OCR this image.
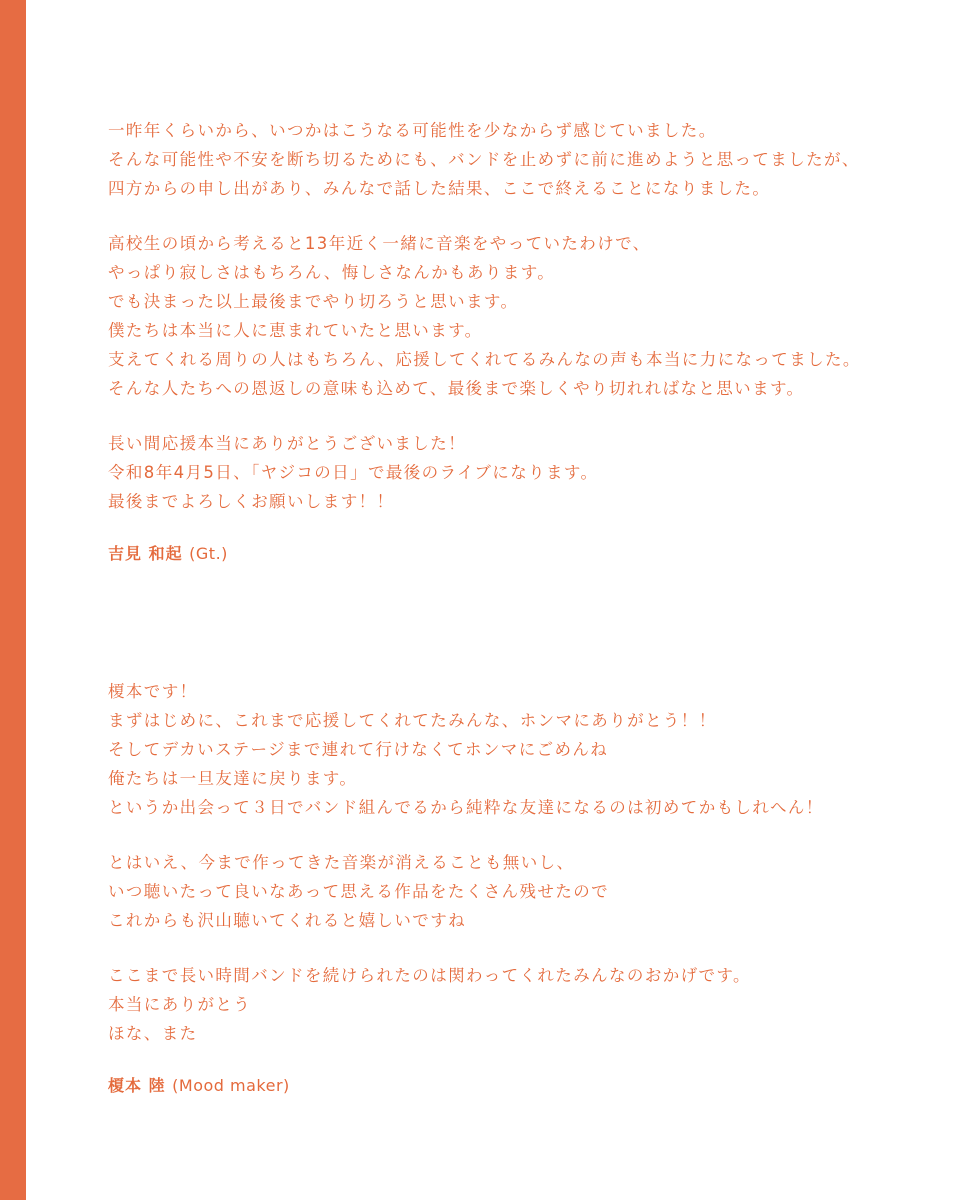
一昨年くらいから、いつかはこうなる可能性を少なからず感じていました。
そんな可能性や不安を断ち切るためにも、バンドを止めずに前に進めようと思ってましたが、
四方からの申し出があり、みんなで話した結果、ここで終えることになりました。
高校生の頃から考えると13年近く一緒に音楽をやっていたわけで、
やっぱり寂しさはもちろん、悔しさなんかもあります。
でも決まった以上最後までやり切ろうと思います。
僕たちは本当に人に恵まれていたと思います。
支えてくれる周りの人はもちろん、応援してくれてるみんなの声も本当に力になってました。
そんな人たちへの恩返しの意味も込めて、最後まで楽しくやり切れればなと思います。
長い間応援本当にありがとうございました！
令和8年4月5日、「ヤジコの日」で最後のライブになります。
最後までよろしくお願いします！！
吉見 和起 (Gt.)
榎本です！
まずはじめに、これまで応援してくれてたみんな、ホンマにありがとう！！
そしてデカいステージまで連れて行けなくてホンマにごめんね
俺たちは一旦友達に戻ります。
というか出会って３日でバンド組んでるから純粋な友達になるのは初めてかもしれへん！
とはいえ、今まで作ってきた音楽が消えることも無いし、
いつ聴いたって良いなあって思える作品をたくさん残せたので
これからも沢山聴いてくれると嬉しいですね
ここまで長い時間バンドを続けられたのは関わってくれたみんなのおかげです。
本当にありがとう
ほな、また
榎本 陸 (Mood maker)
